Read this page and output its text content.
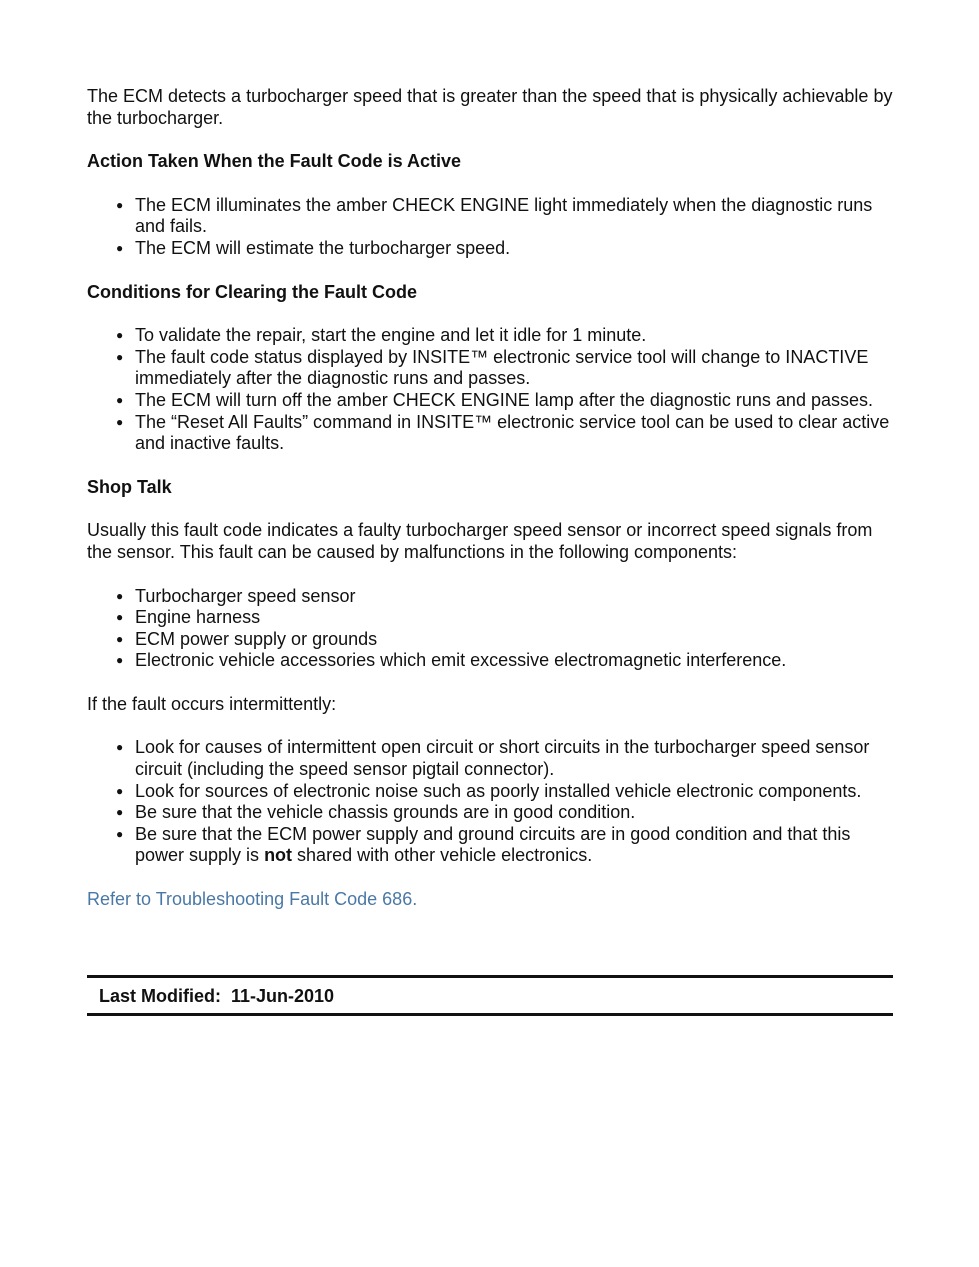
The ECM detects a turbocharger speed that is greater than the speed that is physically achievable by the turbocharger.

Action Taken When the Fault Code is Active

● The ECM illuminates the amber CHECK ENGINE light immediately when the diagnostic runs and fails.
● The ECM will estimate the turbocharger speed.

Conditions for Clearing the Fault Code

● To validate the repair, start the engine and let it idle for 1 minute.
● The fault code status displayed by INSITE™ electronic service tool will change to INACTIVE immediately after the diagnostic runs and passes.
● The ECM will turn off the amber CHECK ENGINE lamp after the diagnostic runs and passes.
● The “Reset All Faults” command in INSITE™ electronic service tool can be used to clear active and inactive faults.

Shop Talk

Usually this fault code indicates a faulty turbocharger speed sensor or incorrect speed signals from the sensor. This fault can be caused by malfunctions in the following components:

● Turbocharger speed sensor
● Engine harness
● ECM power supply or grounds
● Electronic vehicle accessories which emit excessive electromagnetic interference.

If the fault occurs intermittently:

● Look for causes of intermittent open circuit or short circuits in the turbocharger speed sensor circuit (including the speed sensor pigtail connector).
● Look for sources of electronic noise such as poorly installed vehicle electronic components.
● Be sure that the vehicle chassis grounds are in good condition.
● Be sure that the ECM power supply and ground circuits are in good condition and that this power supply is not shared with other vehicle electronics.

Refer to Troubleshooting Fault Code 686.

Last Modified:  11-Jun-2010
